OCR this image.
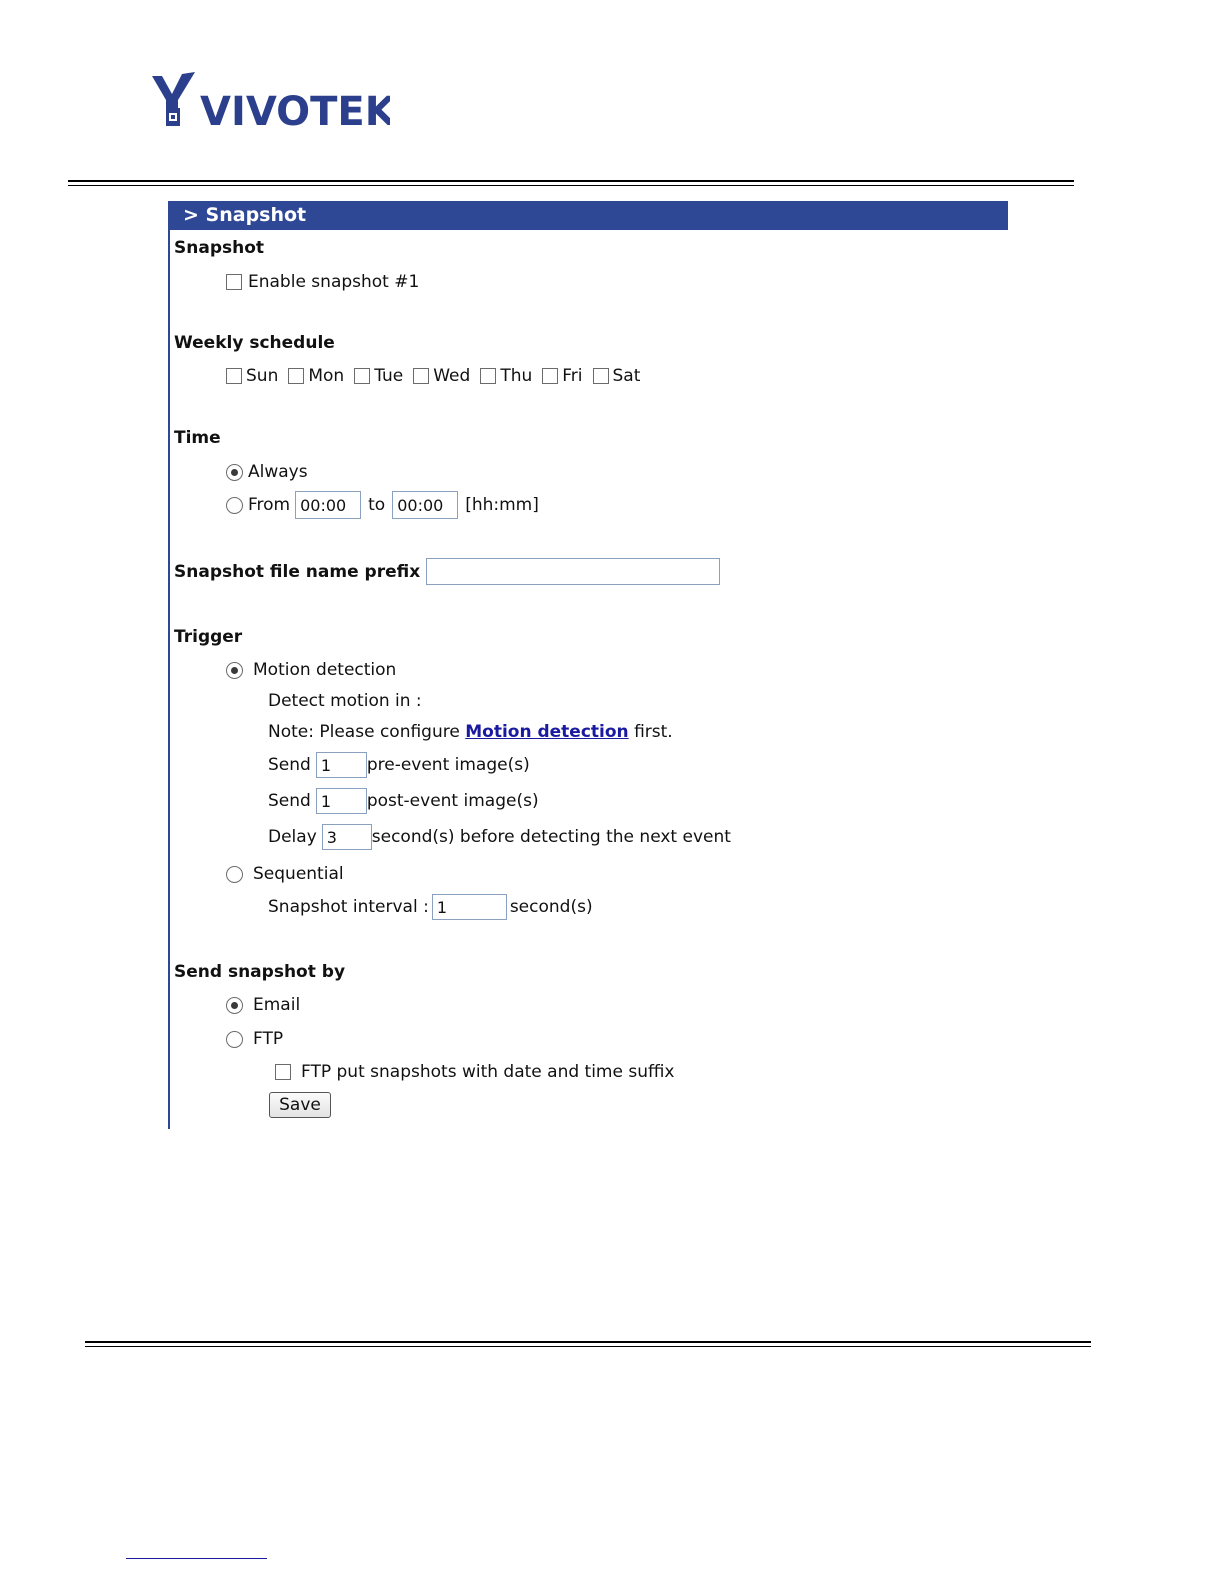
VIVOTEK
> Snapshot
Snapshot
Enable snapshot #1
Weekly schedule
Sun Mon Tue Wed Thu Fri Sat
Time
Always
From
00:00	to
00:00	[hh:mm]
Snapshot file name prefix
Trigger
Motion detection
Detect motion in :
Note: Please configure Motion detection first.
Send
1	pre-event image(s)
Send
1	post-event image(s)
Delay
3	second(s) before detecting the next event
Sequential
Snapshot interval :
1	second(s)
Send snapshot by
Email
FTP
FTP put snapshots with date and time suffix
Save
